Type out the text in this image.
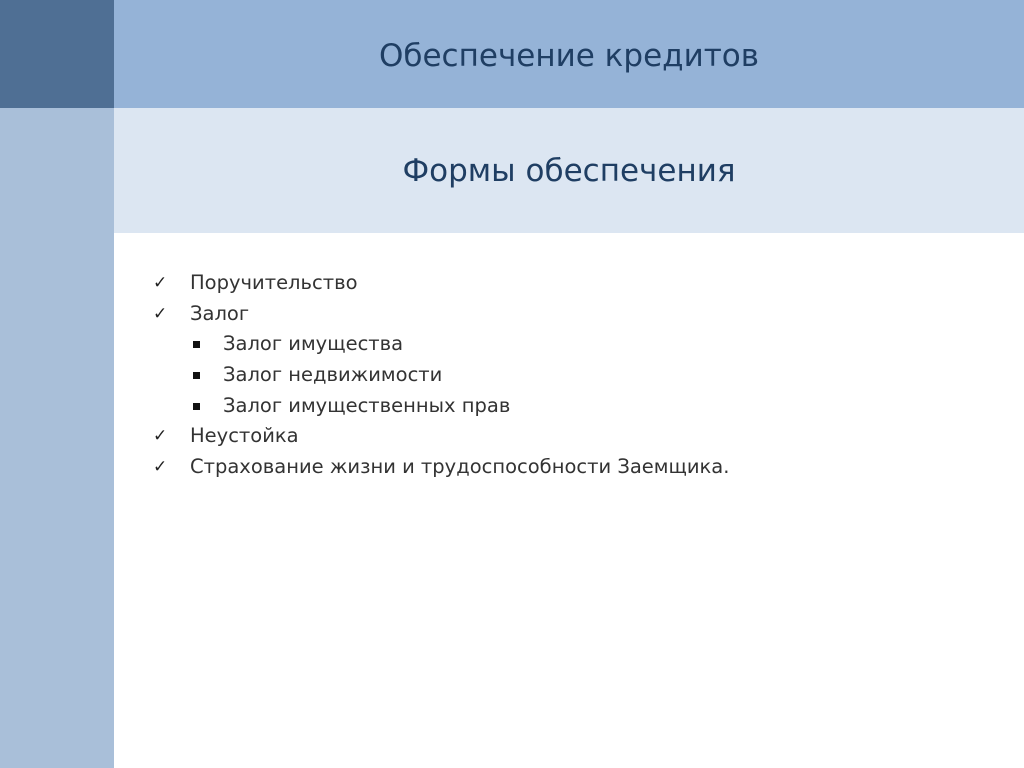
Обеспечение кредитов
Формы обеспечения
✓ Поручительство
✓ Залог
Залог имущества
Залог недвижимости
Залог имущественных прав
✓ Неустойка
✓ Страхование жизни и трудоспособности Заемщика.
